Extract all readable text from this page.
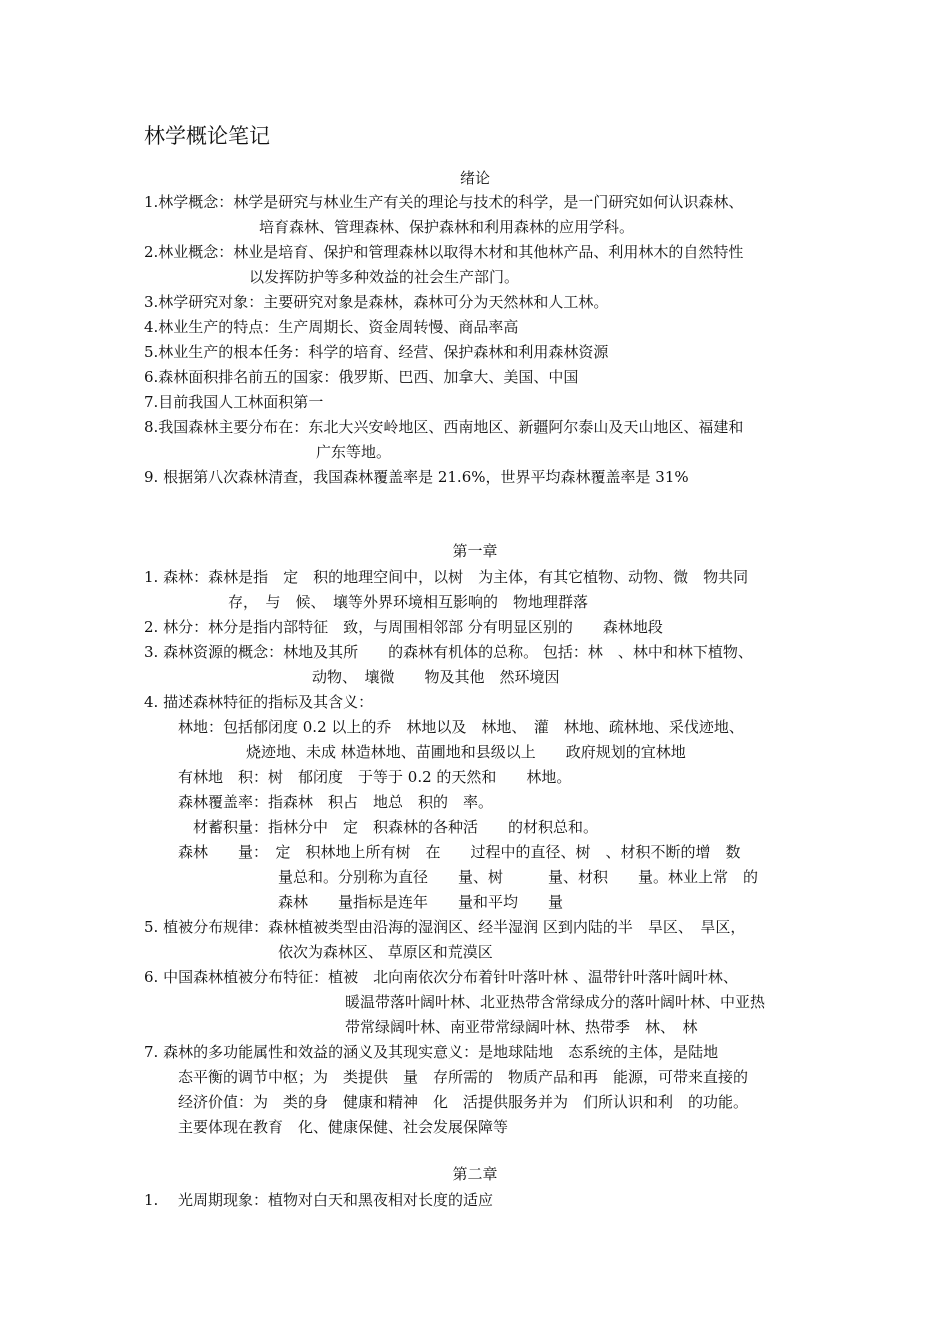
林学概论笔记
绪论
1.林学概念：林学是研究与林业生产有关的理论与技术的科学，是一门研究如何认识森林、
培育森林、管理森林、保护森林和利用森林的应用学科。
2.林业概念：林业是培育、保护和管理森林以取得木材和其他林产品、利用林木的自然特性
以发挥防护等多种效益的社会生产部门。
3.林学研究对象：主要研究对象是森林，森林可分为天然林和人工林。
4.林业生产的特点：生产周期长、资金周转慢、商品率高
5.林业生产的根本任务：科学的培育、经营、保护森林和利用森林资源
6.森林面积排名前五的国家：俄罗斯、巴西、加拿大、美国、中国
7.目前我国人工林面积第一
8.我国森林主要分布在：东北大兴安岭地区、西南地区、新疆阿尔泰山及天山地区、福建和
广东等地。
9. 根据第八次森林清查，我国森林覆盖率是 21.6%，世界平均森林覆盖率是 31%
第一章
1. 森林：森林是指　定　积的地理空间中，以树　为主体，有其它植物、动物、微　物共同
存，　与　候、　壤等外界环境相互影响的　物地理群落
2. 林分：林分是指内部特征　致，与周围相邻部 分有明显区别的　　森林地段
3. 森林资源的概念：林地及其所　　的森林有机体的总称。 包括：林　、林中和林下植物、
动物、　壤微　　物及其他　然环境因
4. 描述森林特征的指标及其含义：
林地：包括郁闭度 0.2 以上的乔　林地以及　林地、　灌　林地、疏林地、采伐迹地、
烧迹地、未成 林造林地、苗圃地和县级以上　　政府规划的宜林地
有林地　积：树　郁闭度　于等于 0.2 的天然和　　林地。
森林覆盖率：指森林　积占　地总　积的　率。
材蓄积量：指林分中　定　积森林的各种活　　的材积总和。
森林　　量：　定　积林地上所有树　在　　过程中的直径、树　、材积不断的增　数
量总和。分别称为直径　　量、树　　　量、材积　　量。林业上常　的
森林　　量指标是连年　　量和平均　　量
5. 植被分布规律：森林植被类型由沿海的湿润区、经半湿润 区到内陆的半　旱区、　旱区，
依次为森林区、 草原区和荒漠区
6. 中国森林植被分布特征：植被　北向南依次分布着针叶落叶林 、温带针叶落叶阔叶林、
暖温带落叶阔叶林、北亚热带含常绿成分的落叶阔叶林、中亚热
带常绿阔叶林、南亚带常绿阔叶林、热带季　林、　林
7. 森林的多功能属性和效益的涵义及其现实意义：是地球陆地　态系统的主体，是陆地
态平衡的调节中枢；为　类提供　量　存所需的　物质产品和再　能源，可带来直接的
经济价值：为　类的身　健康和精神　化　活提供服务并为　们所认识和利　的功能。
主要体现在教育　化、健康保健、社会发展保障等
第二章
1. 光周期现象：植物对白天和黑夜相对长度的适应
